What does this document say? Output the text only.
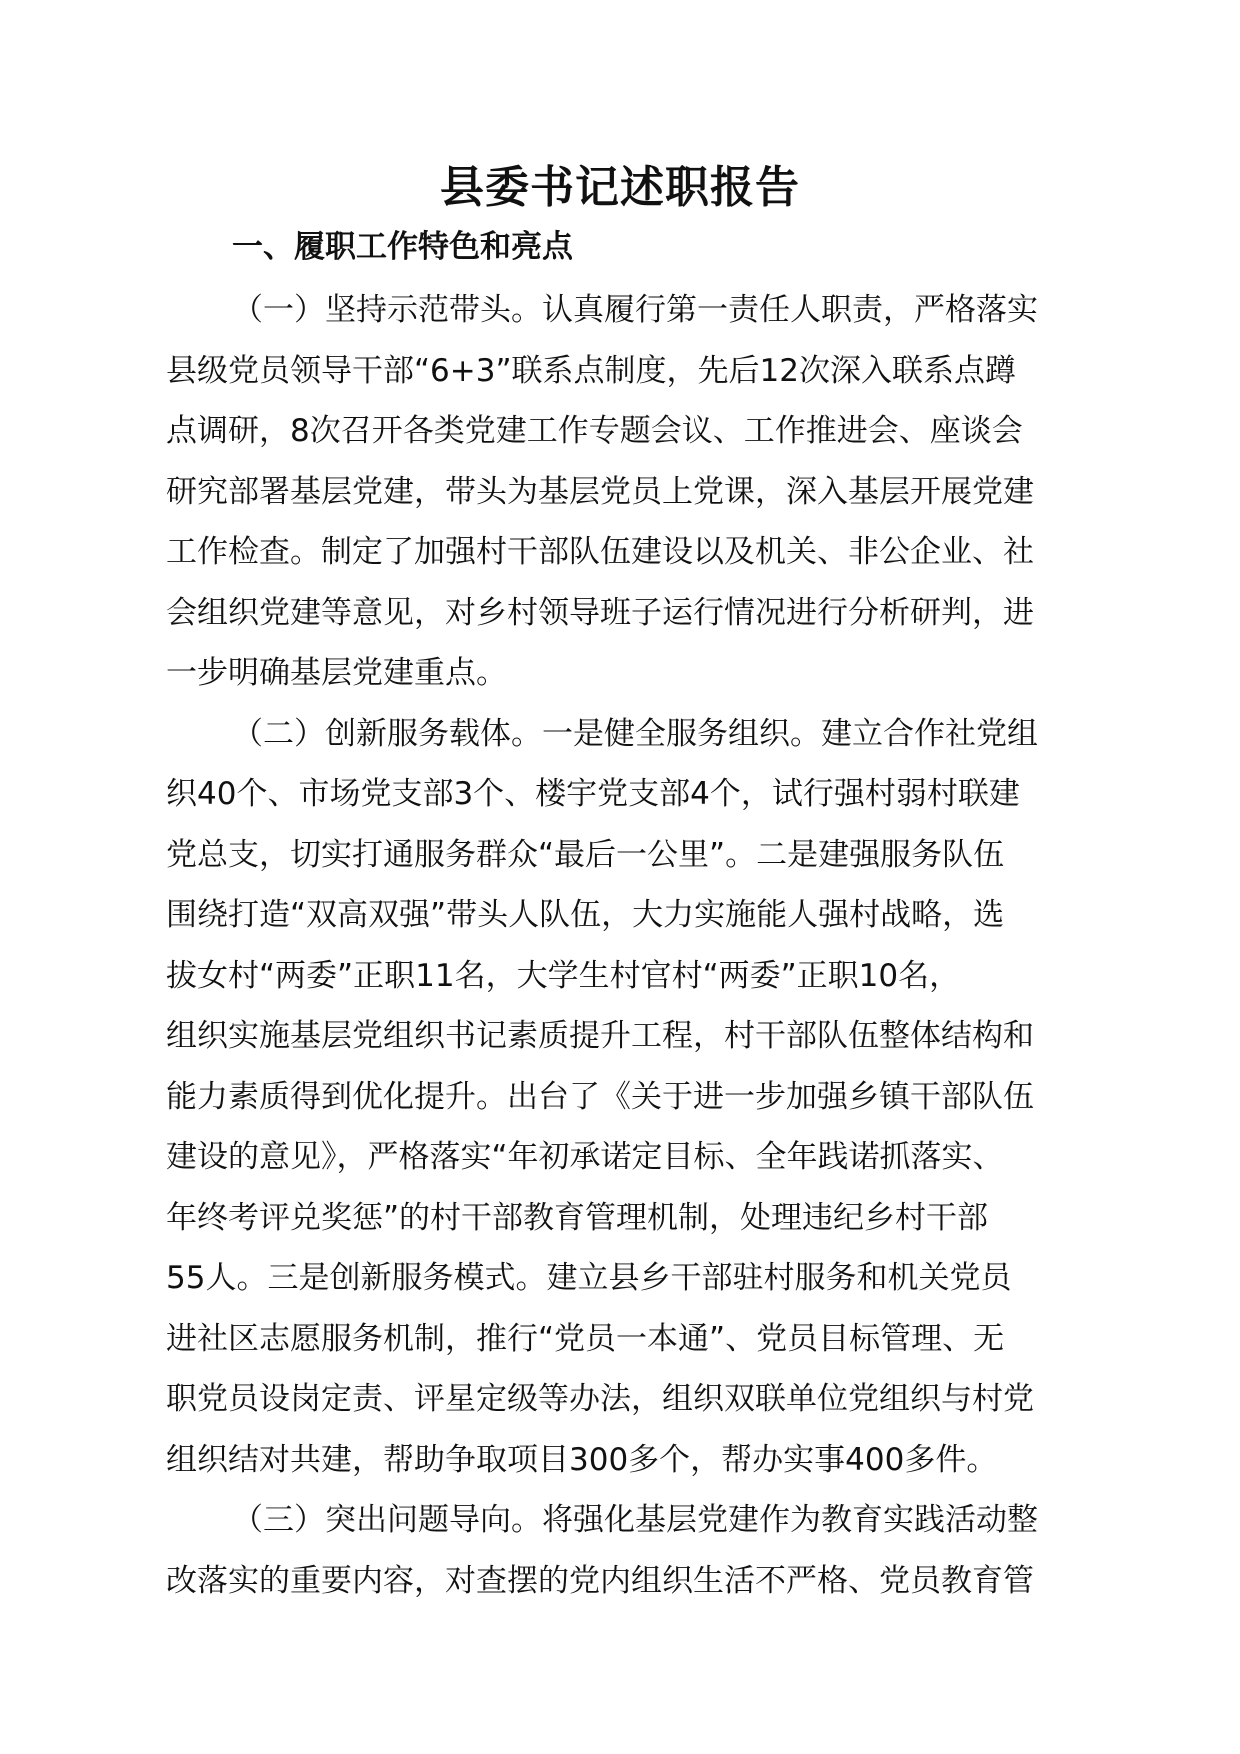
县委书记述职报告
一、履职工作特色和亮点
（一）坚持示范带头。认真履行第一责任人职责，严格落实
县级党员领导干部“6+3”联系点制度，先后12次深入联系点蹲
点调研，8次召开各类党建工作专题会议、工作推进会、座谈会
研究部署基层党建，带头为基层党员上党课，深入基层开展党建
工作检查。制定了加强村干部队伍建设以及机关、非公企业、社
会组织党建等意见，对乡村领导班子运行情况进行分析研判，进
一步明确基层党建重点。
（二）创新服务载体。一是健全服务组织。建立合作社党组
织40个、市场党支部3个、楼宇党支部4个，试行强村弱村联建
党总支，切实打通服务群众“最后一公里”。二是建强服务队伍
围绕打造“双高双强”带头人队伍，大力实施能人强村战略，选
拔女村“两委”正职11名，大学生村官村“两委”正职10名，
组织实施基层党组织书记素质提升工程，村干部队伍整体结构和
能力素质得到优化提升。出台了《关于进一步加强乡镇干部队伍
建设的意见》，严格落实“年初承诺定目标、全年践诺抓落实、
年终考评兑奖惩”的村干部教育管理机制，处理违纪乡村干部
55人。三是创新服务模式。建立县乡干部驻村服务和机关党员
进社区志愿服务机制，推行“党员一本通”、党员目标管理、无
职党员设岗定责、评星定级等办法，组织双联单位党组织与村党
组织结对共建，帮助争取项目300多个，帮办实事400多件。
（三）突出问题导向。将强化基层党建作为教育实践活动整
改落实的重要内容，对查摆的党内组织生活不严格、党员教育管
